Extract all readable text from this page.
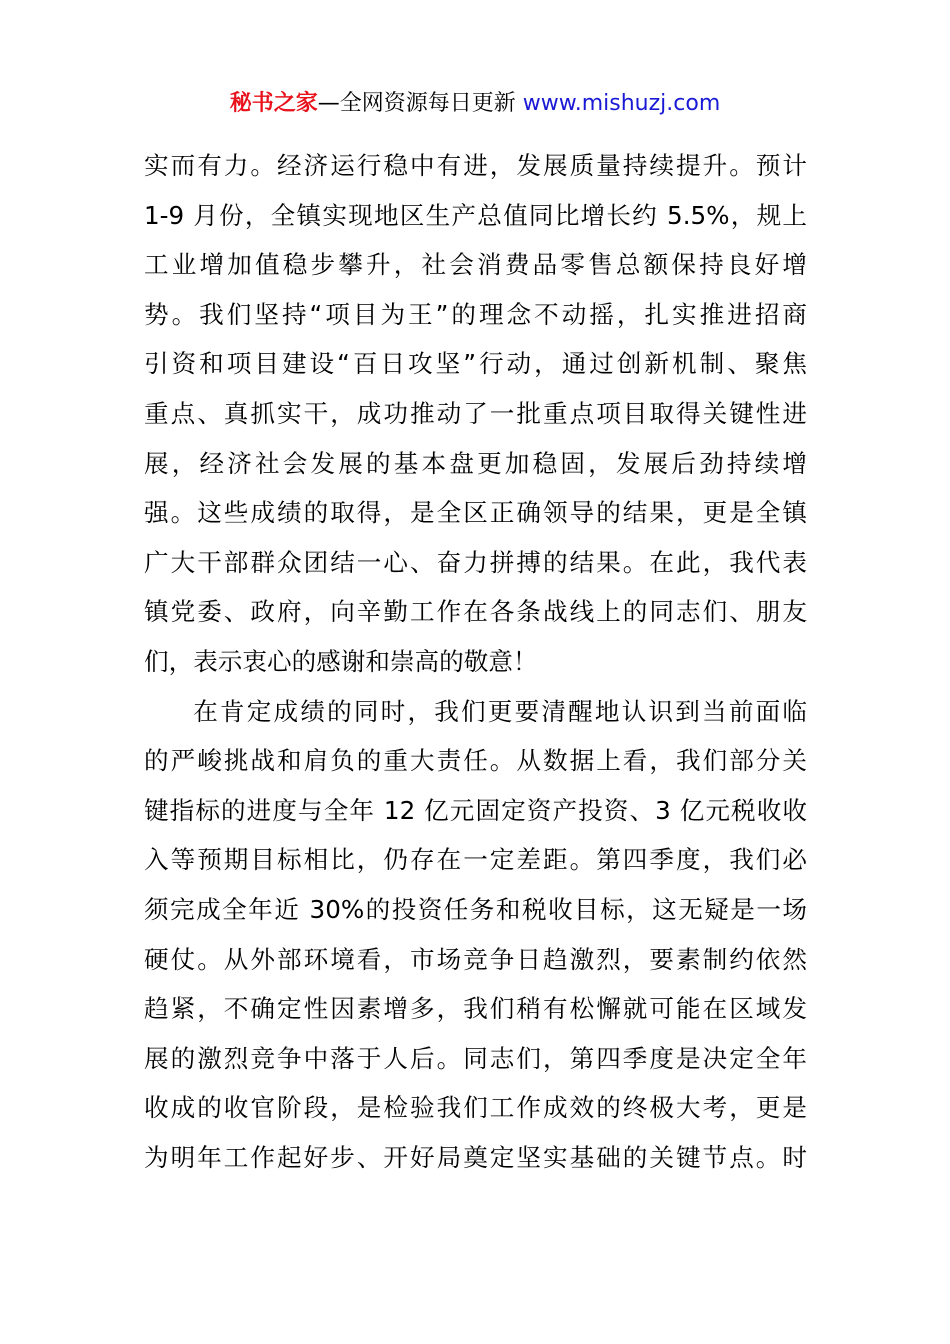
秘书之家—全网资源每日更新 www.mishuzj.com

实而有力。经济运行稳中有进，发展质量持续提升。预计
1-9 月份，全镇实现地区生产总值同比增长约 5.5%，规上
工业增加值稳步攀升，社会消费品零售总额保持良好增
势。我们坚持“项目为王”的理念不动摇，扎实推进招商
引资和项目建设“百日攻坚”行动，通过创新机制、聚焦
重点、真抓实干，成功推动了一批重点项目取得关键性进
展，经济社会发展的基本盘更加稳固，发展后劲持续增
强。这些成绩的取得，是全区正确领导的结果，更是全镇
广大干部群众团结一心、奋力拼搏的结果。在此，我代表
镇党委、政府，向辛勤工作在各条战线上的同志们、朋友
们，表示衷心的感谢和崇高的敬意！

在肯定成绩的同时，我们更要清醒地认识到当前面临
的严峻挑战和肩负的重大责任。从数据上看，我们部分关
键指标的进度与全年 12 亿元固定资产投资、3 亿元税收收
入等预期目标相比，仍存在一定差距。第四季度，我们必
须完成全年近 30%的投资任务和税收目标，这无疑是一场
硬仗。从外部环境看，市场竞争日趋激烈，要素制约依然
趋紧，不确定性因素增多，我们稍有松懈就可能在区域发
展的激烈竞争中落于人后。同志们，第四季度是决定全年
收成的收官阶段，是检验我们工作成效的终极大考，更是
为明年工作起好步、开好局奠定坚实基础的关键节点。时
